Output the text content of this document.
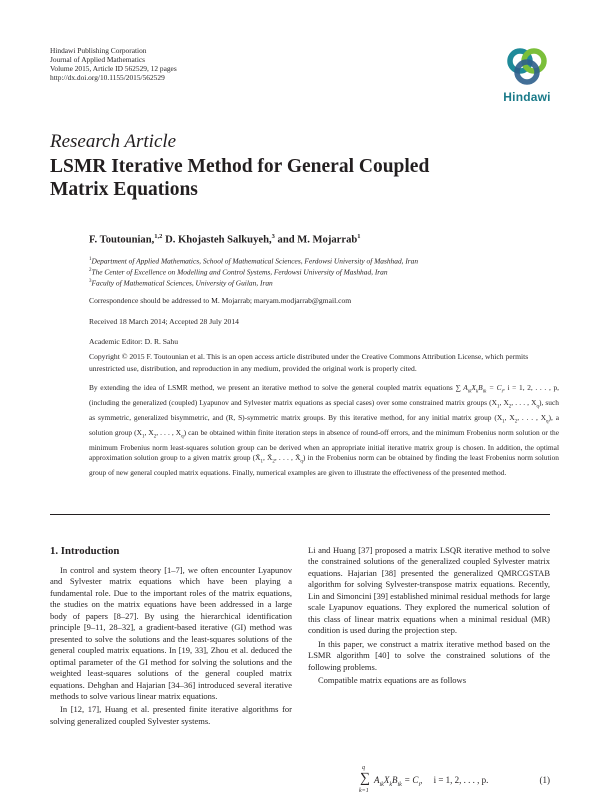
Hindawi Publishing Corporation
Journal of Applied Mathematics
Volume 2015, Article ID 562529, 12 pages
http://dx.doi.org/10.1155/2015/562529
Hindawi
Research Article
LSMR Iterative Method for General Coupled
Matrix Equations
F. Toutounian,$^{1,2}$ D. Khojasteh Salkuyeh,$^3$ and M. Mojarrab$^1$
$^1$Department of Applied Mathematics, School of Mathematical Sciences, Ferdowsi University of Mashhad, Iran
$^2$The Center of Excellence on Modelling and Control Systems, Ferdowsi University of Mashhad, Iran
$^3$Faculty of Mathematical Sciences, University of Guilan, Iran
Correspondence should be addressed to M. Mojarrab; maryam.modjarrab@gmail.com
Received 18 March 2014; Accepted 28 July 2014
Academic Editor: D. R. Sahu
Copyright © 2015 F. Toutounian et al. This is an open access article distributed under the Creative Commons Attribution License, which permits unrestricted use, distribution, and reproduction in any medium, provided the original work is properly cited.

By extending the idea of LSMR method, we present an iterative method to solve the general coupled matrix equations ∑ $A_{ik}X_kB_{ik} = C_i$, i = 1, 2, . . . , p, (including the generalized (coupled) Lyapunov and Sylvester matrix equations as special cases) over some constrained matrix groups ($X_1$, $X_2$, . . . , $X_q$), such as symmetric, generalized bisymmetric, and (R, S)-symmetric matrix groups. By this iterative method, for any initial matrix group ($X_1$, $X_2$, . . . , $X_q$), a solution group ($X_1$, $X_2$, . . . , $X_q$) can be obtained within finite iteration steps in absence of round-off errors, and the minimum Frobenius norm solution or the minimum Frobenius norm least-squares solution group can be derived when an appropriate initial iterative matrix group is chosen. In addition, the optimal approximation solution group to a given matrix group ($X̄_1$, $X̄_2$, . . . , $X̄_q$) in the Frobenius norm can be obtained by finding the least Frobenius norm solution group of new general coupled matrix equations. Finally, numerical examples are given to illustrate the effectiveness of the presented method.

1. Introduction

In control and system theory [1–7], we often encounter Lyapunov and Sylvester matrix equations which have been playing a fundamental role. Due to the important roles of the matrix equations, the studies on the matrix equations have been addressed in a large body of papers [8–27]. By using the hierarchical identification principle [9–11, 28–32], a gradient-based iterative (GI) method was presented to solve the solutions and the least-squares solutions of the general coupled matrix equations. In [19, 33], Zhou et al. deduced the optimal parameter of the GI method for solving the solutions and the weighted least-squares solutions of the general coupled matrix equations. Dehghan and Hajarian [34–36] introduced several iterative methods to solve various linear matrix equations.

In [12, 17], Huang et al. presented finite iterative algorithms for solving generalized coupled Sylvester systems.

Li and Huang [37] proposed a matrix LSQR iterative method to solve the constrained solutions of the generalized coupled Sylvester matrix equations. Hajarian [38] presented the generalized QMRCGSTAB algorithm for solving Sylvester-transpose matrix equations. Recently, Lin and Simoncini [39] established minimal residual methods for large scale Lyapunov equations. They explored the numerical solution of this class of linear matrix equations when a minimal residual (MR) condition is used during the projection step.

In this paper, we construct a matrix iterative method based on the LSMR algorithm [40] to solve the constrained solutions of the following problems.

Compatible matrix equations are as follows

q
∑
k=1
$A_{ik}X_kB_{ik} = C_i$,     i = 1, 2, . . . , p.	(1)
